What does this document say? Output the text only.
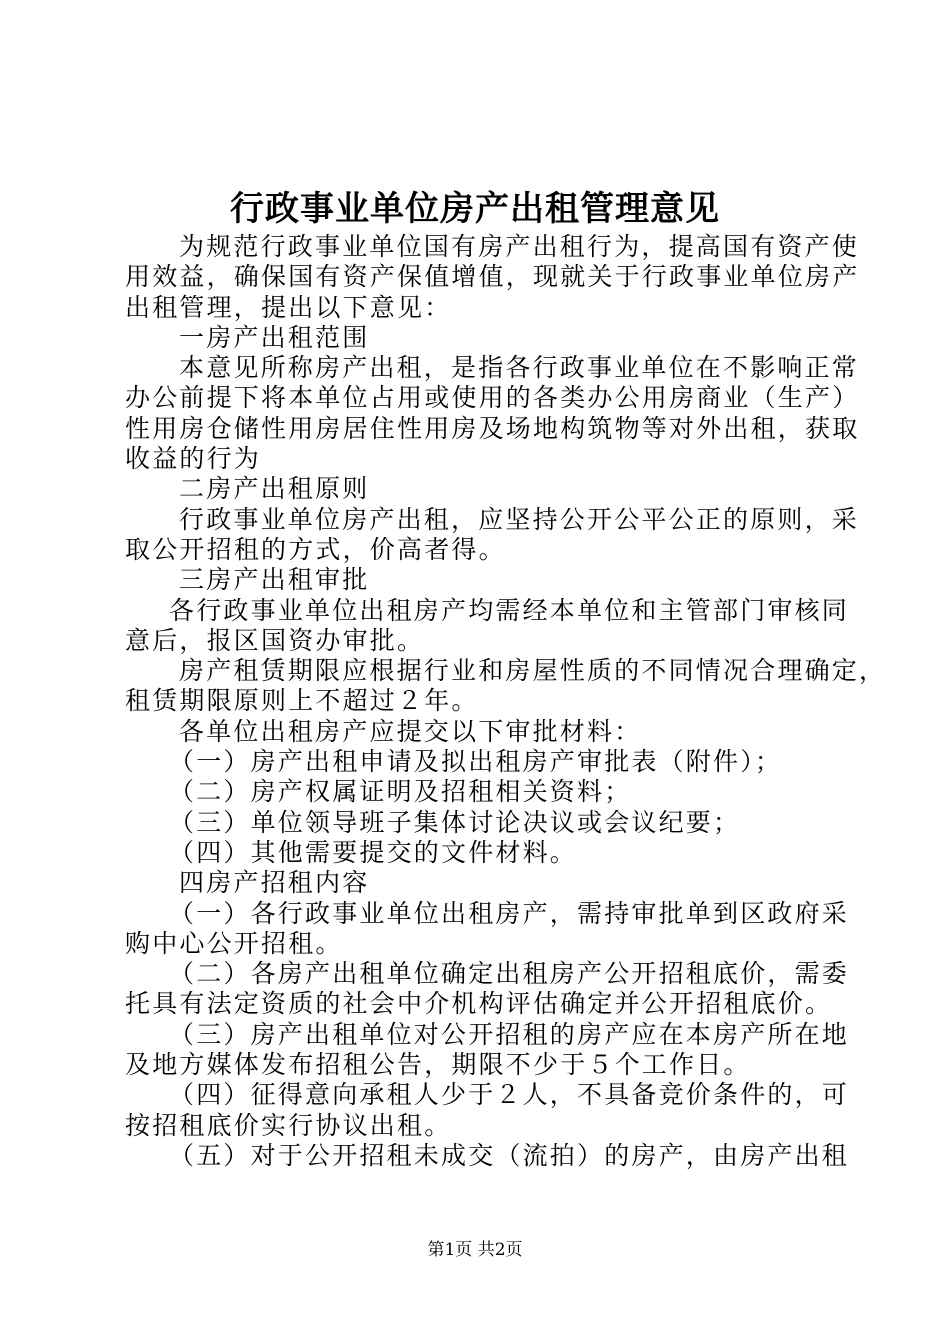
行政事业单位房产出租管理意见
为规范行政事业单位国有房产出租行为，提高国有资产使
用效益，确保国有资产保值增值，现就关于行政事业单位房产
出租管理，提出以下意见：
一房产出租范围
本意见所称房产出租，是指各行政事业单位在不影响正常
办公前提下将本单位占用或使用的各类办公用房商业（生产）
性用房仓储性用房居住性用房及场地构筑物等对外出租，获取
收益的行为
二房产出租原则
行政事业单位房产出租，应坚持公开公平公正的原则，采
取公开招租的方式，价高者得。
三房产出租审批
各行政事业单位出租房产均需经本单位和主管部门审核同
意后，报区国资办审批。
房产租赁期限应根据行业和房屋性质的不同情况合理确定，
租赁期限原则上不超过２年。
各单位出租房产应提交以下审批材料：
（一）房产出租申请及拟出租房产审批表（附件）；
（二）房产权属证明及招租相关资料；
（三）单位领导班子集体讨论决议或会议纪要；
（四）其他需要提交的文件材料。
四房产招租内容
（一）各行政事业单位出租房产，需持审批单到区政府采
购中心公开招租。
（二）各房产出租单位确定出租房产公开招租底价，需委
托具有法定资质的社会中介机构评估确定并公开招租底价。
（三）房产出租单位对公开招租的房产应在本房产所在地
及地方媒体发布招租公告，期限不少于５个工作日。
（四）征得意向承租人少于２人，不具备竞价条件的，可
按招租底价实行协议出租。
（五）对于公开招租未成交（流拍）的房产，由房产出租
第1页 共2页
